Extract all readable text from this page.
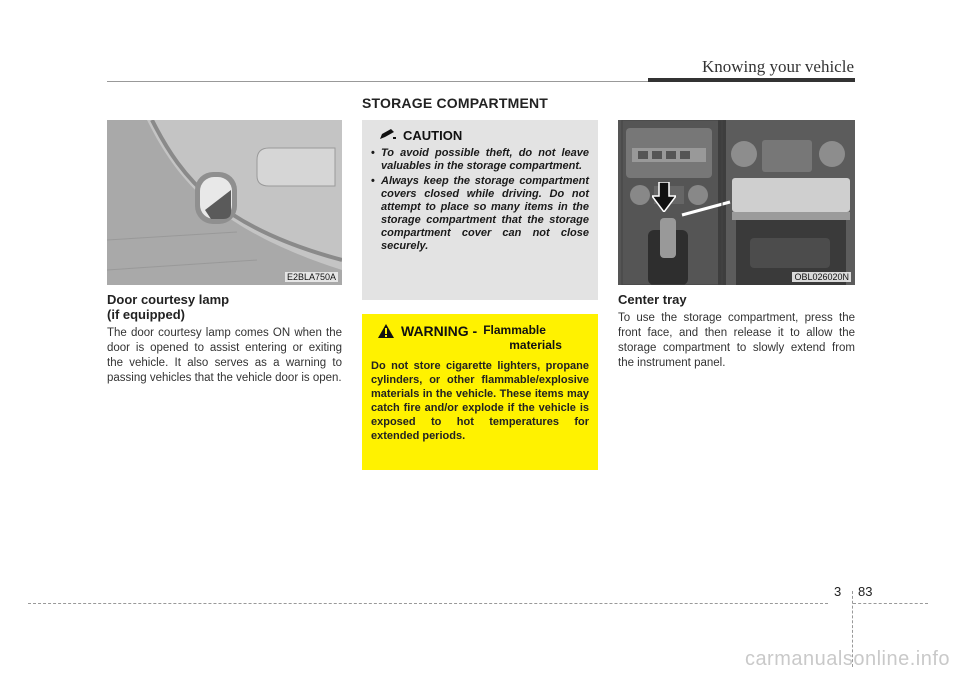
Knowing your vehicle
STORAGE COMPARTMENT
E2BLA750A
Door courtesy lamp
(if equipped)
The door courtesy lamp comes ON when the door is opened to assist entering or exiting the vehicle. It also serves as a warning to passing vehicles that the vehicle door is open.
CAUTION
• To avoid possible theft, do not leave valuables in the storage compartment.
• Always keep the storage compartment covers closed while driving. Do not attempt to place so many items in the storage compartment that the storage compartment cover can not close securely.
WARNING - Flammable
materials
Do not store cigarette lighters, propane cylinders, or other flammable/explosive materials in the vehicle. These items may catch fire and/or explode if the vehicle is exposed to hot temperatures for extended periods.
OBL026020N
Center tray
To use the storage compartment, press the front face, and then release it to allow the storage compartment to slowly extend from the instrument panel.
3 83
carmanualsonline.info
